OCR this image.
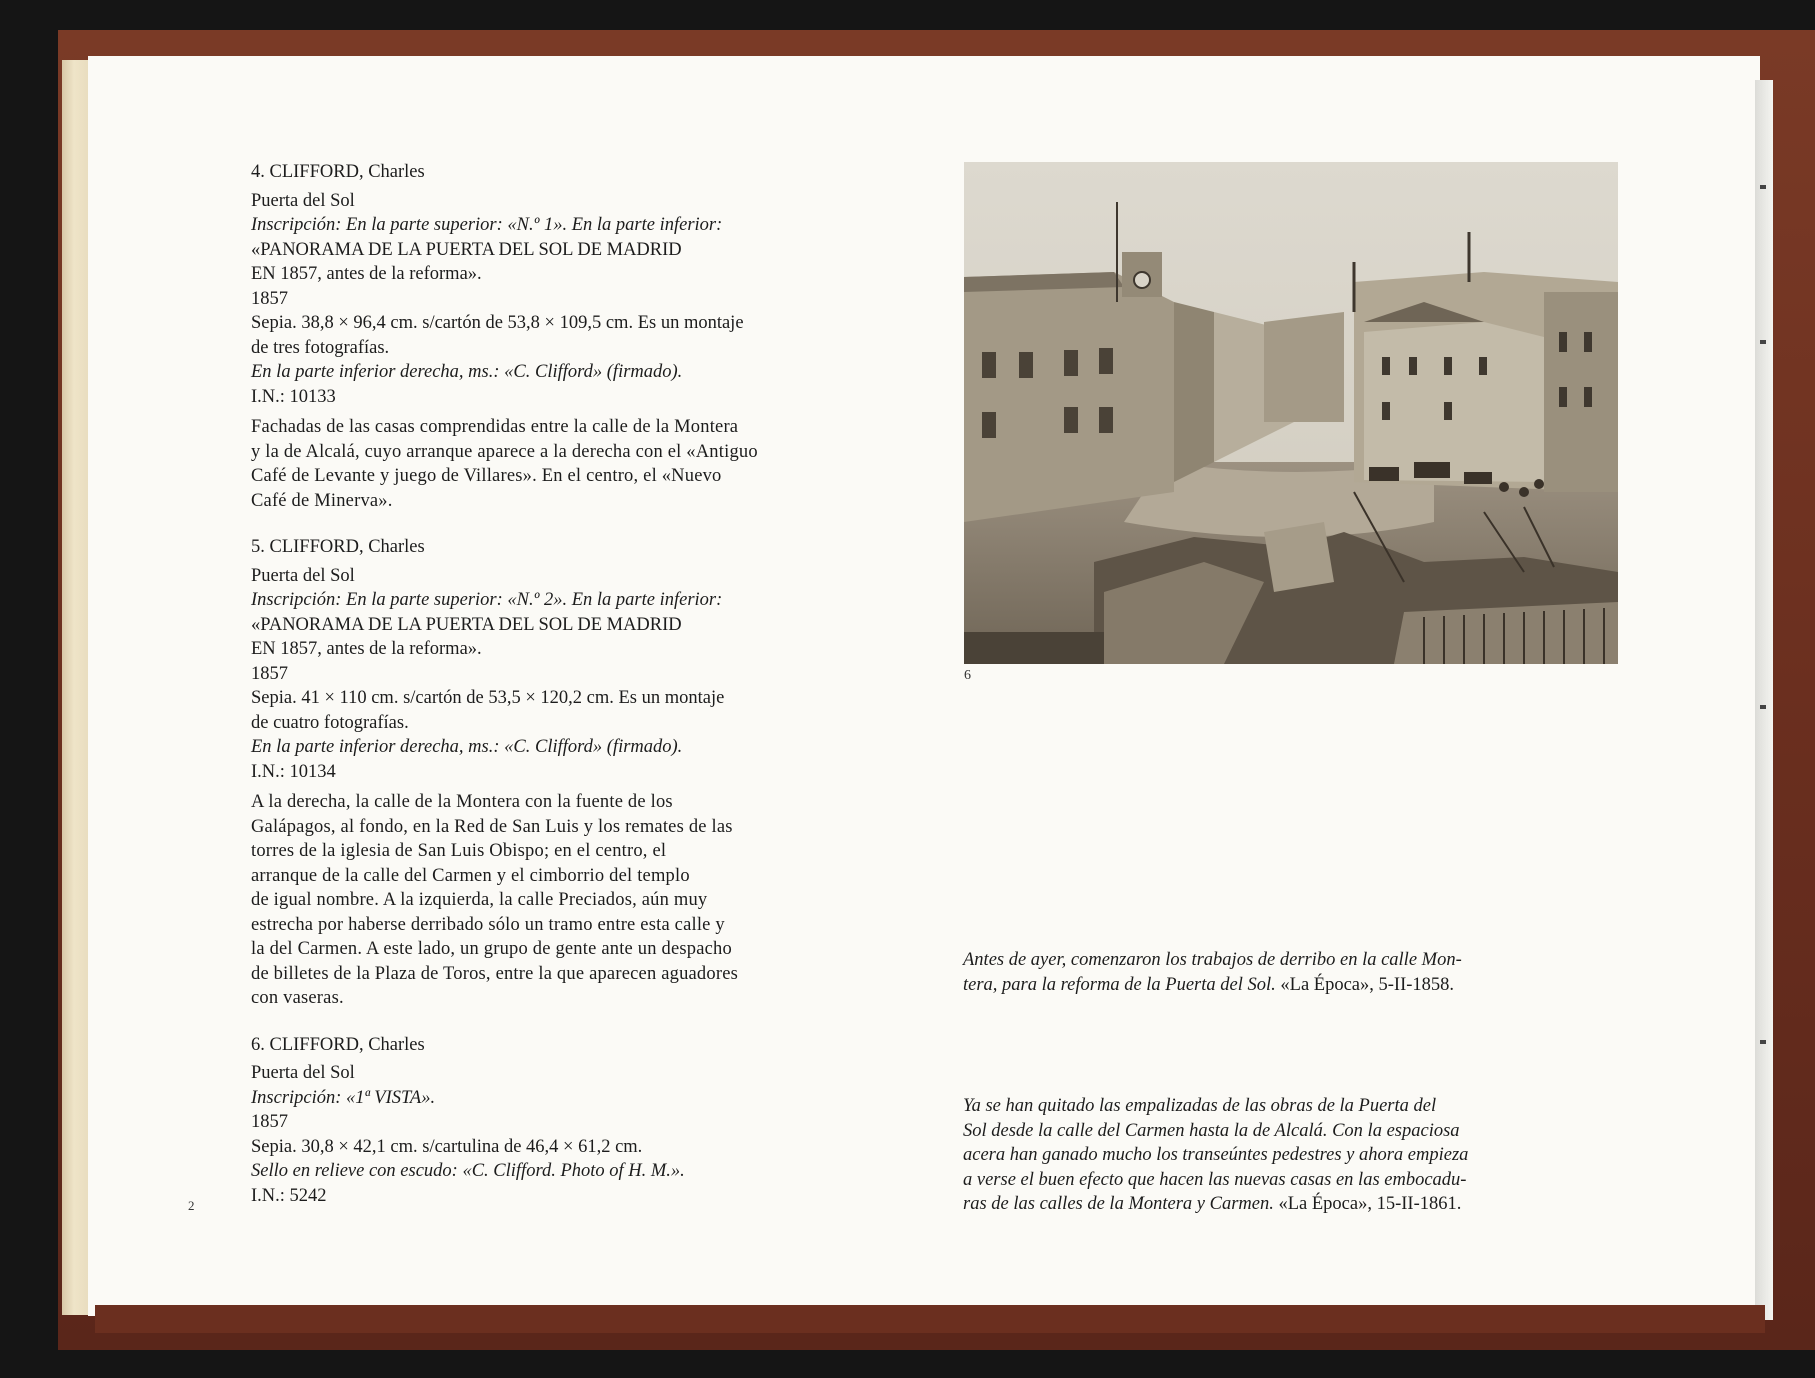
4. CLIFFORD, Charles

Puerta del Sol

Inscripción: En la parte superior: «N.º 1». En la parte inferior:

«PANORAMA DE LA PUERTA DEL SOL DE MADRID

EN 1857, antes de la reforma».

1857

Sepia. 38,8 × 96,4 cm. s/cartón de 53,8 × 109,5 cm. Es un montaje

de tres fotografías.

En la parte inferior derecha, ms.: «C. Clifford» (firmado).

I.N.: 10133

Fachadas de las casas comprendidas entre la calle de la Montera
y la de Alcalá, cuyo arranque aparece a la derecha con el «Antiguo
Café de Levante y juego de Villares». En el centro, el «Nuevo
Café de Minerva».

5. CLIFFORD, Charles

Puerta del Sol

Inscripción: En la parte superior: «N.º 2». En la parte inferior:

«PANORAMA DE LA PUERTA DEL SOL DE MADRID

EN 1857, antes de la reforma».

1857

Sepia. 41 × 110 cm. s/cartón de 53,5 × 120,2 cm. Es un montaje

de cuatro fotografías.

En la parte inferior derecha, ms.: «C. Clifford» (firmado).

I.N.: 10134

A la derecha, la calle de la Montera con la fuente de los
Galápagos, al fondo, en la Red de San Luis y los remates de las
torres de la iglesia de San Luis Obispo; en el centro, el
arranque de la calle del Carmen y el cimborrio del templo
de igual nombre. A la izquierda, la calle Preciados, aún muy
estrecha por haberse derribado sólo un tramo entre esta calle y
la del Carmen. A este lado, un grupo de gente ante un despacho
de billetes de la Plaza de Toros, entre la que aparecen aguadores
con vaseras.

6. CLIFFORD, Charles

Puerta del Sol

Inscripción: «1ª VISTA».

1857

Sepia. 30,8 × 42,1 cm. s/cartulina de 46,4 × 61,2 cm.

Sello en relieve con escudo: «C. Clifford. Photo of H. M.».

I.N.: 5242

2
6

Antes de ayer, comenzaron los trabajos de derribo en la calle Mon-
tera, para la reforma de la Puerta del Sol. «La Época», 5-II-1858.

Ya se han quitado las empalizadas de las obras de la Puerta del
Sol desde la calle del Carmen hasta la de Alcalá. Con la espaciosa
acera han ganado mucho los transeúntes pedestres y ahora empieza
a verse el buen efecto que hacen las nuevas casas en las embocadu-
ras de las calles de la Montera y Carmen. «La Época», 15-II-1861.
